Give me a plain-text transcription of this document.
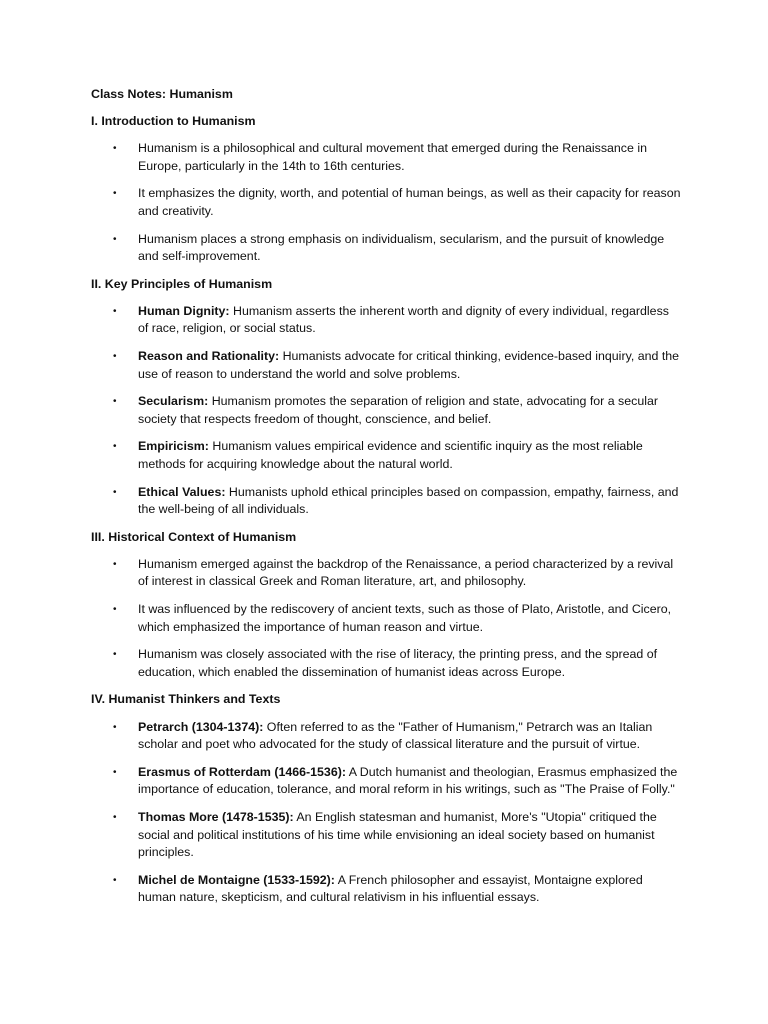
Class Notes: Humanism

I. Introduction to Humanism

• Humanism is a philosophical and cultural movement that emerged during the Renaissance in Europe, particularly in the 14th to 16th centuries.
• It emphasizes the dignity, worth, and potential of human beings, as well as their capacity for reason and creativity.
• Humanism places a strong emphasis on individualism, secularism, and the pursuit of knowledge and self-improvement.

II. Key Principles of Humanism

• Human Dignity: Humanism asserts the inherent worth and dignity of every individual, regardless of race, religion, or social status.
• Reason and Rationality: Humanists advocate for critical thinking, evidence-based inquiry, and the use of reason to understand the world and solve problems.
• Secularism: Humanism promotes the separation of religion and state, advocating for a secular society that respects freedom of thought, conscience, and belief.
• Empiricism: Humanism values empirical evidence and scientific inquiry as the most reliable methods for acquiring knowledge about the natural world.
• Ethical Values: Humanists uphold ethical principles based on compassion, empathy, fairness, and the well-being of all individuals.

III. Historical Context of Humanism

• Humanism emerged against the backdrop of the Renaissance, a period characterized by a revival of interest in classical Greek and Roman literature, art, and philosophy.
• It was influenced by the rediscovery of ancient texts, such as those of Plato, Aristotle, and Cicero, which emphasized the importance of human reason and virtue.
• Humanism was closely associated with the rise of literacy, the printing press, and the spread of education, which enabled the dissemination of humanist ideas across Europe.

IV. Humanist Thinkers and Texts

• Petrarch (1304-1374): Often referred to as the "Father of Humanism," Petrarch was an Italian scholar and poet who advocated for the study of classical literature and the pursuit of virtue.
• Erasmus of Rotterdam (1466-1536): A Dutch humanist and theologian, Erasmus emphasized the importance of education, tolerance, and moral reform in his writings, such as "The Praise of Folly."
• Thomas More (1478-1535): An English statesman and humanist, More's "Utopia" critiqued the social and political institutions of his time while envisioning an ideal society based on humanist principles.
• Michel de Montaigne (1533-1592): A French philosopher and essayist, Montaigne explored human nature, skepticism, and cultural relativism in his influential essays.
